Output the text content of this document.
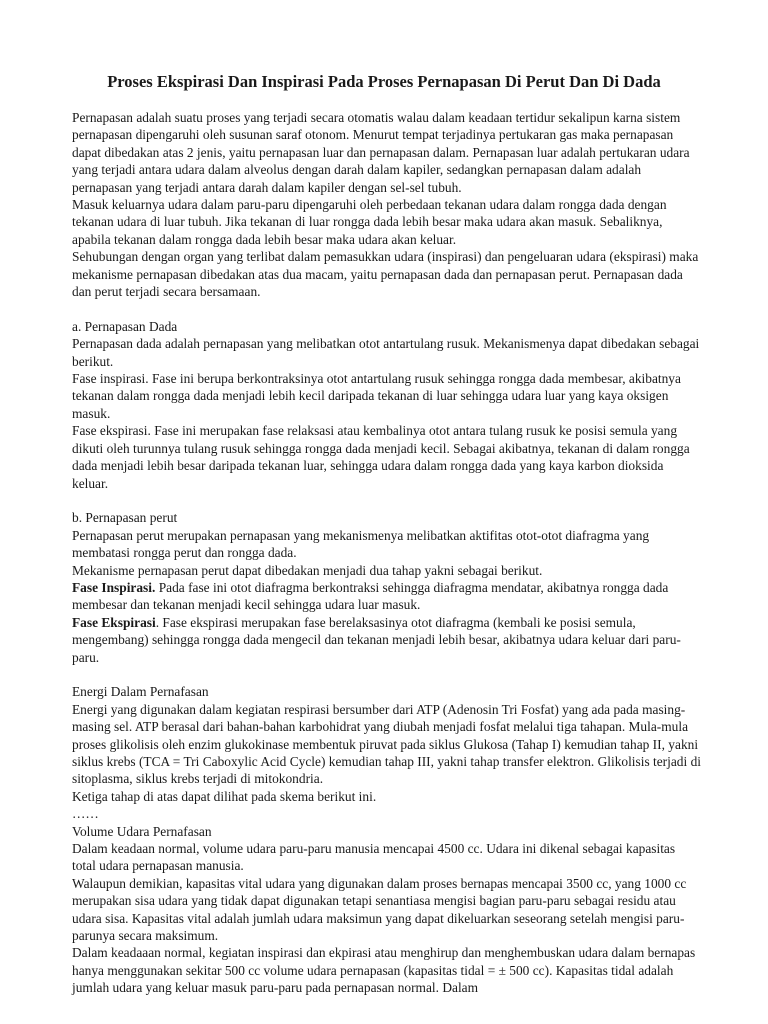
Proses Ekspirasi Dan Inspirasi Pada Proses Pernapasan Di Perut Dan Di Dada

Pernapasan adalah suatu proses yang terjadi secara otomatis walau dalam keadaan tertidur sekalipun karna sistem pernapasan dipengaruhi oleh susunan saraf otonom. Menurut tempat terjadinya pertukaran gas maka pernapasan dapat dibedakan atas 2 jenis, yaitu pernapasan luar dan pernapasan dalam. Pernapasan luar adalah pertukaran udara yang terjadi antara udara dalam alveolus dengan darah dalam kapiler, sedangkan pernapasan dalam adalah pernapasan yang terjadi antara darah dalam kapiler dengan sel-sel tubuh.

Masuk keluarnya udara dalam paru-paru dipengaruhi oleh perbedaan tekanan udara dalam rongga dada dengan tekanan udara di luar tubuh. Jika tekanan di luar rongga dada lebih besar maka udara akan masuk. Sebaliknya, apabila tekanan dalam rongga dada lebih besar maka udara akan keluar.

Sehubungan dengan organ yang terlibat dalam pemasukkan udara (inspirasi) dan pengeluaran udara (ekspirasi) maka mekanisme pernapasan dibedakan atas dua macam, yaitu pernapasan dada dan pernapasan perut. Pernapasan dada dan perut terjadi secara bersamaan.

a. Pernapasan Dada

Pernapasan dada adalah pernapasan yang melibatkan otot antartulang rusuk. Mekanismenya dapat dibedakan sebagai berikut.

Fase inspirasi. Fase ini berupa berkontraksinya otot antartulang rusuk sehingga rongga dada membesar, akibatnya tekanan dalam rongga dada menjadi lebih kecil daripada tekanan di luar sehingga udara luar yang kaya oksigen masuk.

Fase ekspirasi. Fase ini merupakan fase relaksasi atau kembalinya otot antara tulang rusuk ke posisi semula yang dikuti oleh turunnya tulang rusuk sehingga rongga dada menjadi kecil. Sebagai akibatnya, tekanan di dalam rongga dada menjadi lebih besar daripada tekanan luar, sehingga udara dalam rongga dada yang kaya karbon dioksida keluar.

b. Pernapasan perut

Pernapasan perut merupakan pernapasan yang mekanismenya melibatkan aktifitas otot-otot diafragma yang membatasi rongga perut dan rongga dada.

Mekanisme pernapasan perut dapat dibedakan menjadi dua tahap yakni sebagai berikut.

Fase Inspirasi. Pada fase ini otot diafragma berkontraksi sehingga diafragma mendatar, akibatnya rongga dada membesar dan tekanan menjadi kecil sehingga udara luar masuk.

Fase Ekspirasi. Fase ekspirasi merupakan fase berelaksasinya otot diafragma (kembali ke posisi semula, mengembang) sehingga rongga dada mengecil dan tekanan menjadi lebih besar, akibatnya udara keluar dari paru-paru.

Energi Dalam Pernafasan

Energi yang digunakan dalam kegiatan respirasi bersumber dari ATP (Adenosin Tri Fosfat) yang ada pada masing-masing sel. ATP berasal dari bahan-bahan karbohidrat yang diubah menjadi fosfat melalui tiga tahapan. Mula-mula proses glikolisis oleh enzim glukokinase membentuk piruvat pada siklus Glukosa (Tahap I) kemudian tahap II, yakni siklus krebs (TCA = Tri Caboxylic Acid Cycle) kemudian tahap III, yakni tahap transfer elektron. Glikolisis terjadi di sitoplasma, siklus krebs terjadi di mitokondria.

Ketiga tahap di atas dapat dilihat pada skema berikut ini.

……

Volume Udara Pernafasan

Dalam keadaan normal, volume udara paru-paru manusia mencapai 4500 cc. Udara ini dikenal sebagai kapasitas total udara pernapasan manusia.

Walaupun demikian, kapasitas vital udara yang digunakan dalam proses bernapas mencapai 3500 cc, yang 1000 cc merupakan sisa udara yang tidak dapat digunakan tetapi senantiasa mengisi bagian paru-paru sebagai residu atau udara sisa. Kapasitas vital adalah jumlah udara maksimun yang dapat dikeluarkan seseorang setelah mengisi paru-parunya secara maksimum.

Dalam keadaaan normal, kegiatan inspirasi dan ekpirasi atau menghirup dan menghembuskan udara dalam bernapas hanya menggunakan sekitar 500 cc volume udara pernapasan (kapasitas tidal = ± 500 cc). Kapasitas tidal adalah jumlah udara yang keluar masuk paru-paru pada pernapasan normal. Dalam
